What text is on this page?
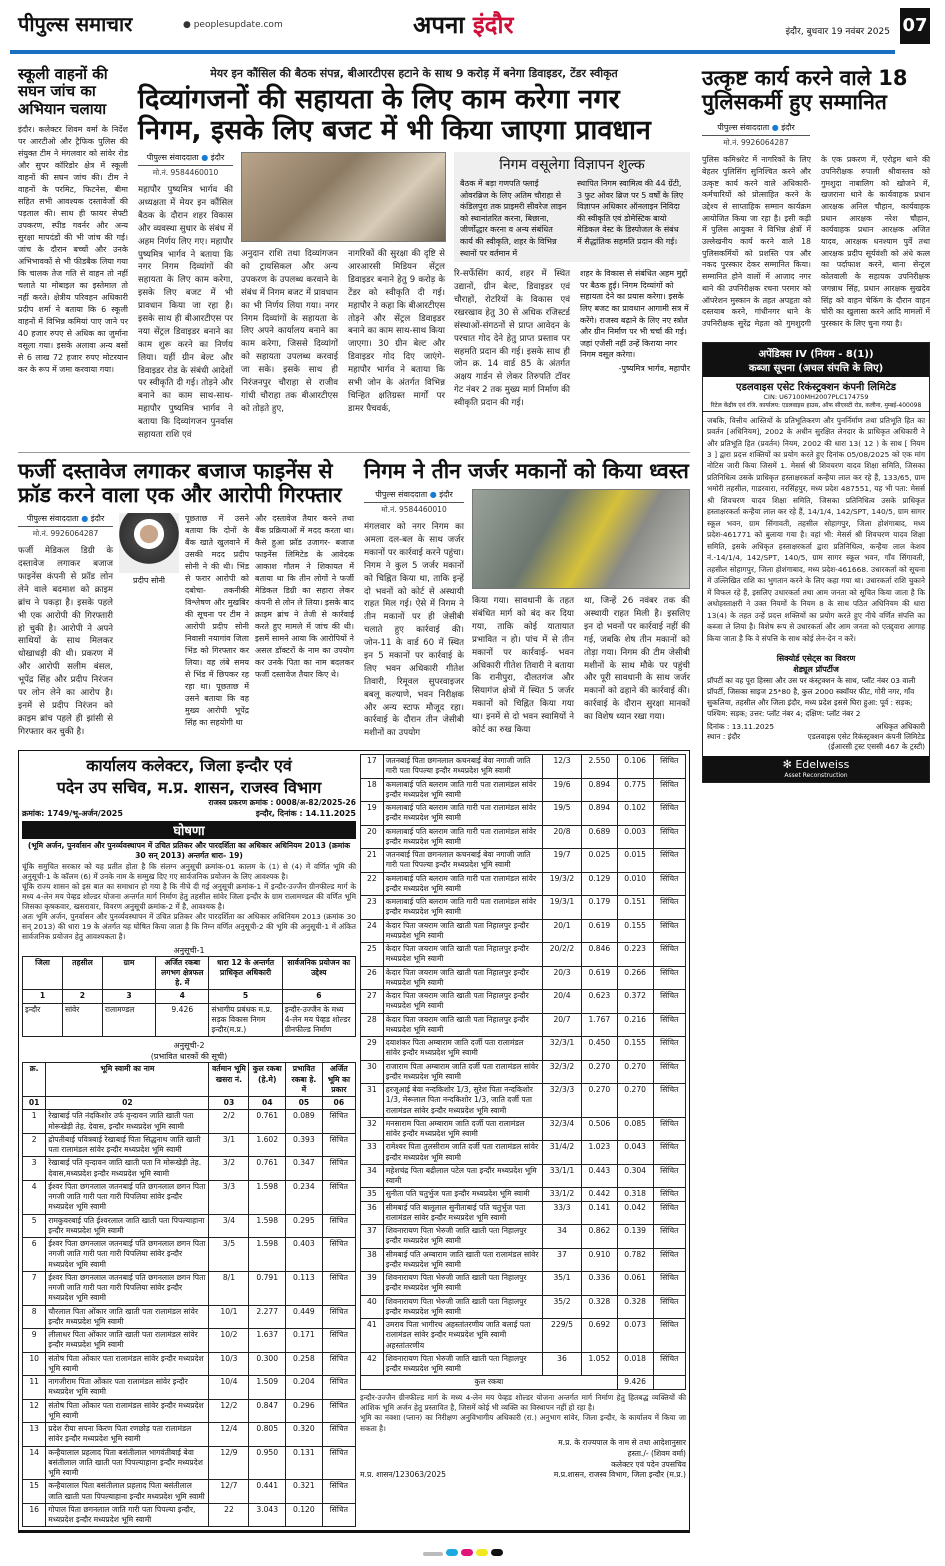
पीपुल्स समाचार	● peoplesupdate.com	अपना इंदौर	इंदौर, बुधवार 19 नवंबर 2025 07
स्कूली वाहनों की सघन जांच का अभियान चलाया
इंदौर। कलेक्टर शिवम वर्मा के निर्देश पर आरटीओ और ट्रैफिक पुलिस की संयुक्त टीम ने मंगलवार को सांवेर रोड और सुपर कॉरिडोर क्षेत्र में स्कूली वाहनों की सघन जांच की। टीम ने वाहनों के परमिट, फिटनेस, बीमा सहित सभी आवश्यक दस्तावेजों की पड़ताल की। साथ ही फायर सेफ्टी उपकरण, स्पीड गवर्नर और अन्य सुरक्षा मापदंडों की भी जांच की गई। जांच के दौरान बच्चों और उनके अभिभावकों से भी फीडबैक लिया गया कि चालक तेज गति से वाहन तो नहीं चलाते या मोबाइल का इस्तेमाल तो नहीं करते। क्षेत्रीय परिवहन अधिकारी प्रदीप शर्मा ने बताया कि 6 स्कूली वाहनों में विभिन्न कमियां पाए जाने पर 40 हजार रुपए से अधिक का जुर्माना वसूला गया। इसके अलावा अन्य बसों से 6 लाख 72 हजार रुपए मोटरयान कर के रूप में जमा करवाया गया।
मेयर इन कौंसिल की बैठक संपन्न, बीआरटीएस हटाने के साथ 9 करोड़ में बनेगा डिवाइडर, टेंडर स्वीकृत
दिव्यांगजनों की सहायता के लिए काम करेगा नगर निगम, इसके लिए बजट में भी किया जाएगा प्रावधान
पीपुल्स संवाददाता ● इंदौर
मो.नं. 9584460010
महापौर पुष्यमित्र भार्गव की अध्यक्षता में मेयर इन कौंसिल बैठक के दौरान शहर विकास और व्यवस्था सुधार के संबंध में अहम निर्णय लिए गए। महापौर पुष्यमित्र भार्गव ने बताया कि नगर निगम दिव्यांगों की सहायता के लिए काम करेगा, इसके लिए बजट में भी प्रावधान किया जा रहा है। इसके साथ ही बीआरटीएस पर नया सेंट्रल डिवाइडर बनाने का काम शुरू करने का निर्णय लिया। यहीं ग्रीन बेल्ट और डिवाइडर रोड के संबंधी आदेशों पर स्वीकृति दी गई। तोड़ने और बनाने का काम साथ-साथ- महापौर पुष्यमित्र भार्गव ने बताया कि दिव्यांगजन पुनर्वास सहायता राशि एवं
अनुदान राशि तथा दिव्यांगजन को ट्रायसिकल और अन्य उपकरण के उपलब्ध करवाने के संबंध में निगम बजट में प्रावधान का भी निर्णय लिया गया। नगर निगम दिव्यांगों के सहायता के लिए अपने कार्यालय बनाने का काम करेगा, जिससे दिव्यांगों को सहायता उपलब्ध करवाई जा सके। इसके साथ ही निरंजनपुर चौराहा से राजीव गांधी चौराहा तक बीआरटीएस को तोड़ते हुए,
नागरिकों की सुरक्षा की दृष्टि से आरआरसी मिडियन सेंट्रल डिवाइडर बनाने हेतु 9 करोड़ के टेंडर को स्वीकृति दी गई। महापौर ने कहा कि बीआरटीएस तोड़ने और सेंट्रल डिवाइडर बनाने का काम साथ-साथ किया जाएगा। 30 ग्रीन बेल्ट और डिवाइडर गोद दिए जाएंगे- महापौर भार्गव ने बताया कि सभी जोन के अंतर्गत विभिन्न चिन्हित क्षतिग्रस्त मार्गों पर डामर पैचवर्क,
निगम वसूलेगा विज्ञापन शुल्क
बैठक में बड़ा गणपति फ्लाई ओवरब्रिज के लिए अतिम चौराहा से कंडिलपुरा तक प्राइमरी सीवरेज लाइन को स्थानांतरित करना, बिछाना, जीर्णोद्धार करना व अन्य संबंधित कार्य की स्वीकृति, शहर के विभिन्न स्थानों पर वर्तमान में
स्थापित निगम स्वामित्व की 44 ग्रेंटी, 3 फुट ओवर ब्रिज पर 5 वर्षों के लिए विज्ञापन अधिकार ऑनलाइन निविदा की स्वीकृति एवं डोमेस्टिक बायो मेडिकल वेस्ट के डिस्पोजल के संबंध में सैद्धांतिक सहमति प्रदान की गई।
रि-सर्फेसिंग कार्य, शहर में स्थित उद्यानों, ग्रीन बेल्ट, डिवाइडर एवं चौराहों, रोटरियों के विकास एवं रखरखाव हेतु 30 से अधिक रजिस्टर्ड संस्थाओं-संगठनों से प्राप्त आवेदन के परचात गोद देने हेतु प्राप्त प्रस्ताव पर सहमति प्रदान की गई। इसके साथ ही जोन क्र. 14 वार्ड 85 के अंतर्गत अक्षय गार्डन से लेकर तिरुपति टॉवर गेट नंबर 2 तक मुख्य मार्ग निर्माण की स्वीकृति प्रदान की गई।
शहर के विकास से संबंधित अहम मुद्दों पर बैठक हुई। निगम दिव्यांगों को सहायता देने का प्रयास करेगा। इसके लिए बजट का प्रावधान आगामी सत्र में करेंगे। राजस्व बढ़ाने के लिए नए स्त्रोत और ग्रीन निर्माण पर भी चर्चा की गई। जहां एजेंसी नहीं उन्हें किराया नगर निगम वसूल करेगा।
-पुष्यमित्र भार्गव, महापौर
फर्जी दस्तावेज लगाकर बजाज फाइनेंस से फ्रॉड करने वाला एक और आरोपी गिरफ्तार
पीपुल्स संवाददाता ● इंदौर
मो.नं. 9926064287
फर्जी मेडिकल डिग्री के दस्तावेज लगाकर बजाज फाइनेंस कंपनी से फ्रॉड लोन लेने वाले बदमाश को क्राइम ब्रांच ने पकड़ा है। इसके पहले भी एक आरोपी की गिरफ्तारी हो चुकी है। आरोपी ने अपने साथियों के साथ मिलकर धोखाधड़ी की थी। प्रकरण में और आरोपी सलीम बंसल, भूपेंद्र सिंह और प्रदीप निरंजन पर लोन लेने का आरोप है। इनमें से प्रदीप निरंजन को क्राइम ब्रांच पहले ही झांसी से गिरफ्तार कर चुकी है।
प्रदीप सोनी
पूछताछ में उसने बताया कि दोनों के बैंक खाते खुलवाने में उसकी मदद प्रदीप सोनी ने की थी। भिंड से फरार आरोपी को दबोचा- तकनीकी विश्लेषण और मुखबिर की सूचना पर टीम ने आरोपी प्रदीप सोनी निवासी नयागांव जिला भिंड को गिरफ्तार कर लिया। वह लंबे समय से भिंड में छिपकर रह रहा था। पूछताछ में उसने बताया कि वह मुख्य आरोपी भूपेंद्र सिंह का सहयोगी था
और दस्तावेज तैयार करने तथा बैंक प्रक्रियाओं में मदद करता था। कैसे हुआ फ्रॉड उजागर- बजाज फाइनेंस लिमिटेड के आवेदक आकाश गौतम ने शिकायत में बताया था कि तीन लोगों ने फर्जी मेडिकल डिग्री का सहारा लेकर कंपनी से लोन ले लिया। इसके बाद क्राइम ब्रांच ने तेजी से कार्रवाई करते हुए मामले में जांच की थी। इसमें सामने आया कि आरोपियों ने असल डॉक्टरों के नाम का उपयोग कर उनके पिता का नाम बदलकर फर्जी दस्तावेज तैयार किए थे।
निगम ने तीन जर्जर मकानों को किया ध्वस्त
पीपुल्स संवाददाता ● इंदौर
मो.नं. 9584460010
मंगलवार को नगर निगम का अमला दल-बल के साथ जर्जर मकानों पर कार्रवाई करने पहुंचा। निगम ने कुल 5 जर्जर मकानों को चिह्नित किया था, ताकि इन्हें दो भवनों को कोर्ट से अस्थायी राहत मिल गई। ऐसे में निगम ने तीन मकानों पर ही जेसीबी चलाते हुए कार्रवाई की। जोन-11 के वार्ड 60 में स्थित इन 5 मकानों पर कार्रवाई के लिए भवन अधिकारी गीतेश तिवारी, रिमूवल सुपरवाइजर बबलू कल्याणे, भवन निरीक्षक और अन्य स्टाफ मौजूद रहा। कार्रवाई के दौरान तीन जेसीबी मशीनों का उपयोग
किया गया। सावधानी के तहत संबंधित मार्ग को बंद कर दिया गया, ताकि कोई यातायात प्रभावित न हो। पांच में से तीन मकानों पर कार्रवाई- भवन अधिकारी गीतेश तिवारी ने बताया कि रानीपुरा, दौलतगंज और सियागंज क्षेत्रों में स्थित 5 जर्जर मकानों को चिह्नित किया गया था। इनमें से दो भवन स्वामियों ने कोर्ट का रुख किया
था, जिन्हें 26 नवंबर तक की अस्थायी राहत मिली है। इसलिए इन दो भवनों पर कार्रवाई नहीं की गई, जबकि शेष तीन मकानों को तोड़ा गया। निगम की टीम जेसीबी मशीनों के साथ मौके पर पहुंची और पूरी सावधानी के साथ जर्जर मकानों को ढहाने की कार्रवाई की। कार्रवाई के दौरान सुरक्षा मानकों का विशेष ध्यान रखा गया।
कार्यालय कलेक्टर, जिला इन्दौर एवं
पदेन उप सचिव, म.प्र. शासन, राजस्व विभाग
राजस्व प्रकरण क्रमांक : 0008/अ-82/2025-26
क्रमांक: 1749/भू-अर्जन/2025	इन्दौर, दिनांक : 14.11.2025
घोषणा
(भूमि अर्जन, पुनर्वासन और पुनर्व्यवस्थापन में उचित प्रतिकर और पारदर्शिता का अधिकार अधिनियम 2013 (क्रमांक 30 सन् 2013) अन्तर्गत धारा- 19)
चूंकि समुचित सरकार को यह प्रतीत होता है कि संलग्न अनुसूची क्रमांक-01 कालम के (1) से (4) में वर्णित भूमि की अनुसूची-1 के कॉलम (6) में उनके नाम के सम्मुख दिए गए सार्वजनिक प्रयोजन के लिए आवश्यक है।
चूंकि राज्य शासन को इस बात का समाधान हो गया है कि नीचे दी गई अनुसूची क्रमांक-1 में इन्दौर-उज्जैन ग्रीनफील्ड मार्ग के मध्य 4-लेन मय पेव्हड शोल्डर योजना अन्तर्गत मार्ग निर्माण हेतु तहसील सांवेर जिला इन्दौर के ग्राम रालामण्डल की वर्णित भूमि जिसका कृषकवार, खसरावार, विवरण अनुसूची क्रमांक-2 में है, आवश्यक है।
अतः भूमि अर्जन, पुनर्वासन और पुनर्व्यवस्थापन में उचित प्रतिकर और पारदर्शिता का अधिकार अधिनियम 2013 (क्रमांक 30 सन् 2013) की धारा 19 के अंतर्गत यह घोषित किया जाता है कि निम्न वर्णित अनुसूची-2 की भूमि की अनुसूची-1 में अंकित सार्वजनिक प्रयोजन हेतु आवश्यकता है।
अनुसूची-1
जिला	तहसील	ग्राम	अर्जित रकबा लगभग क्षेत्रफल हे. में	धारा 12 के अन्तर्गत प्राधिकृत अधिकारी	सार्वजनिक प्रयोजन का उद्देश्य
1	2	3	4	5	6
इन्दौर	सांवेर	रालामण्डल	9.426	संभागीय प्रबंधक म.प्र. सड़क विकास निगम इन्दौर(म.प्र.)	इन्दौर-उज्जैन के मध्य 4-लेन मय पेव्हड शोल्डर ग्रीनफील्ड निर्माण
अनुसूची-2
(प्रभावित धारकों की सूची)
क्र.	भूमि स्वामी का नाम	वर्तमान भूमि खसरा नं.	कुल रकबा (हे.मे)	प्रभावित रकबा हे. में	अर्जित भूमि का प्रकार
01	02	03	04	05	06
1	रेखाबाई पति नंदकिशोर उर्फ वृन्दावन जाति खाती पता मोरूखेड़ी तेह. देवास, इन्दौर मध्यप्रदेश भूमि स्वामी	2/2	0.761	0.089	सिंचित
2	द्रोपतीबाई पवित्रबाई रेखाबाई पिता सिद्धनाथ जाति खाती पता रालामंडल सांवेर इन्दौर मध्यप्रदेश भूमि स्वामी	3/1	1.602	0.393	सिंचित
3	रेखाबाई पति वृन्दावन जाति खाती पता नि मोरूखेड़ी तेह. देवास,मध्यप्रदेश इन्दौर मध्यप्रदेश भूमि स्वामी	3/2	0.761	0.347	सिंचित
4	ईश्वर पिता छगनलाल जतनबाई पति छगनलाल छगन पिता नगजी जाति गारी पता गारी पिपलिया सांवेर इन्दौर मध्यप्रदेश भूमि स्वामी	3/3	1.598	0.234	सिंचित
5	रामकुवरबाई पति ईश्वरलाल जाति खाती पता पिपल्याहाना इन्दौर मध्यप्रदेश भूमि स्वामी	3/4	1.598	0.295	सिंचित
6	ईश्वर पिता छगनलाल जतनबाई पति छगनलाल छगन पिता नगजी जाति गारी पता गारी पिपलिया सांवेर इन्दौर मध्यप्रदेश भूमि स्वामी	3/5	1.598	0.403	सिंचित
7	ईश्वर पिता छगनलाल जतनबाई पति छगनलाल छगन पिता नगजी जाति गारी पता गारी पिपलिया सांवेर इन्दौर मध्यप्रदेश भूमि स्वामी	8/1	0.791	0.113	सिंचित
8	चौरलाल पिता ओंकार जाति खाती पता रालामंडल सांवेर इन्दौर मध्यप्रदेश भूमि स्वामी	10/1	2.277	0.449	सिंचित
9	लीलाधर पिता ओंकार जाति खाती पता रालामंडल सांवेर इन्दौर मध्यप्रदेश भूमि स्वामी	10/2	1.637	0.171	सिंचित
10	संतोष पिता ओंकार पता रालामंडल सांवेर इन्दौर मध्यप्रदेश भूमि स्वामी	10/3	0.300	0.258	सिंचित
11	नागजीराम पिता ओंकार पता रालामंडल सांवेर इन्दौर मध्यप्रदेश भूमि स्वामी	10/4	1.509	0.204	सिंचित
12	संतोष पिता ओंकार पता रालामंडल सांवेर इन्दौर मध्यप्रदेश भूमि स्वामी	12/2	0.847	0.296	सिंचित
13	प्रदेश रीया सपना किरण पिता रणछोड़ पता रालामंडल सांवेर इन्दौर मध्यप्रदेश भूमि स्वामी	12/4	0.805	0.320	सिंचित
14	कन्हैयालाल प्रहलाद पिता बसंतीलाल भागवंतीबाई बेवा बसंतीलाल जाति खाती पता पिपल्याहाना इन्दौर मध्यप्रदेश भूमि स्वामी	12/9	0.950	0.131	सिंचित
15	कन्हैयालाल पिता बसंतीलाल प्रहलाद पिता बसंतीलाल जाति खाती पता पिपल्याहाना इन्दौर मध्यप्रदेश भूमि स्वामी	12/7	0.441	0.321	सिंचित
16	गोपाल पिता छगनलाल जाति गारी पता पिपल्या इन्दौर, मध्यप्रदेश इन्दौर मध्यप्रदेश भूमि स्वामी	22	3.043	0.120	सिंचित
17	जतनबाई पिता छगनलाल कचनबाई बेवा नगाजी जाति गारी पता पिपल्या इन्दौर मध्यप्रदेश भूमि स्वामी	12/3	2.550	0.106	सिंचित
18	कमलाबाई पति बलराम जाति गारी पता रालामंडल सांवेर इन्दौर मध्यप्रदेश भूमि स्वामी	19/6	0.894	0.775	सिंचित
19	कमलाबाई पति बलराम जाति गारी पता रालामंडल सांवेर इन्दौर मध्यप्रदेश भूमि स्वामी	19/5	0.894	0.102	सिंचित
20	कमलाबाई पति बलराम जाति गारी पता रालामंडल सांवेर इन्दौर मध्यप्रदेश भूमि स्वामी	20/8	0.689	0.003	सिंचित
21	जतनबाई पिता छगनलाल कचनबाई बेवा नगाजी जाति गारी पता पिपल्या इन्दौर मध्यप्रदेश भूमि स्वामी	19/7	0.025	0.015	सिंचित
22	कमलाबाई पति बलराम जाति गारी पता रालामंडल सांवेर इन्दौर मध्यप्रदेश भूमि स्वामी	19/3/2	0.129	0.010	सिंचित
23	कमलाबाई पति बलराम जाति गारी पता रालामंडल सांवेर इन्दौर मध्यप्रदेश भूमि स्वामी	19/3/1	0.179	0.151	सिंचित
24	केदार पिता जयराम जाति खाती पता निहालपुर इन्दौर मध्यप्रदेश भूमि स्वामी	20/1	0.619	0.155	सिंचित
25	केदार पिता जयराम जाति खाती पता निहालपुर इन्दौर मध्यप्रदेश भूमि स्वामी	20/2/2	0.846	0.223	सिंचित
26	केदार पिता जयराम जाति खाती पता निहालपुर इन्दौर मध्यप्रदेश भूमि स्वामी	20/3	0.619	0.266	सिंचित
27	केदार पिता जयराम जाति खाती पता निहालपुर इन्दौर मध्यप्रदेश भूमि स्वामी	20/4	0.623	0.372	सिंचित
28	केदार पिता जयराम जाति खाती पता निहालपुर इन्दौर मध्यप्रदेश भूमि स्वामी	20/7	1.767	0.216	सिंचित
29	दयाशंकर पिता अम्बाराम जाति दर्जी पता रालामंडल सांवेर इन्दौर मध्यप्रदेश भूमि स्वामी	32/3/1	0.450	0.155	सिंचित
30	राजाराम पिता अम्बाराम जाति दर्जी पता रालामंडल सांवेर इन्दौर मध्यप्रदेश भूमि स्वामी	32/3/2	0.270	0.270	सिंचित
31	हरजूआई बेवा नन्दकिशोर 1/3, सुरेश पिता नन्दकिशोर 1/3, मेरूलाल पिता नन्दकिशोर 1/3, जाति दर्जी पता रालामंडल सांवेर इन्दौर मध्यप्रदेश भूमि स्वामी	32/3/3	0.270	0.270	सिंचित
32	मनसाराम पिता अम्बाराम जाति दर्जी पता रालामंडल सांवेर इन्दौर मध्यप्रदेश भूमि स्वामी	32/3/4	0.506	0.085	सिंचित
33	रामेश्वर पिता तुलसीराम जाति दर्जी पता रालामंडल सांवेर इन्दौर मध्यप्रदेश भूमि स्वामी	31/4/2	1.023	0.043	सिंचित
34	महेशचंद्र पिता बद्रीलाल पटेल पता इन्दौर मध्यप्रदेश भूमि स्वामी	33/1/1	0.443	0.304	सिंचित
35	सुनीता पति चतुर्भुज पता इन्दौर मध्यप्रदेश भूमि स्वामी	33/1/2	0.442	0.318	सिंचित
36	सीमबाई पति बालूलाल सुनीताबाई पति चतुर्भुज पता रालामंडल सांवेर इन्दौर मध्यप्रदेश भूमि स्वामी	33/3	0.141	0.042	सिंचित
37	शिवनारायण पिता भेरुजी जाति खाती पता निहालपुर इन्दौर मध्यप्रदेश भूमि स्वामी	34	0.862	0.139	सिंचित
38	सीमबाई पति अम्बाराम जाति खाती पता रालामंडल सांवेर इन्दौर मध्यप्रदेश भूमि स्वामी	37	0.910	0.782	सिंचित
39	शिवनारायण पिता भेरुजी जाति खाती पता निहालपुर इन्दौर मध्यप्रदेश भूमि स्वामी	35/1	0.336	0.061	सिंचित
40	शिवनारायण पिता भेरुजी जाति खाती पता निहालपुर इन्दौर मध्यप्रदेश भूमि स्वामी	35/2	0.328	0.328	सिंचित
41	उमराव पिता भागीरथ अहस्तांतरणीय जाति बलाई पता रालामंडल सांवेर इन्दौर मध्यप्रदेश भूमि स्वामी अहस्तांतरणीय	229/5	0.692	0.073	सिंचित
42	शिवनारायण पिता भेरुजी जाति खाती पता निहालपुर इन्दौर मध्यप्रदेश भूमि स्वामी	36	1.052	0.018	सिंचित
कुल रकबा				9.426	
इन्दौर-उज्जैन ग्रीनफील्ड मार्ग के मध्य 4-लेन मय पेव्हड शोल्डर योजना अन्तर्गत मार्ग निर्माण हेतु हितबद्ध व्यक्तियों की आंशिक भूमि अर्जन हेतु प्रस्तावित है, जिसमें कोई भी व्यक्ति का विस्थापन नहीं हो रहा है।
भूमि का नक्शा (प्लान) का निरीक्षण अनुविभागीय अधिकारी (रा.) अनुभाग सांवेर, जिला इन्दौर, के कार्यालय में किया जा सकता है।
म.प्र. के राज्यपाल के नाम से तथा आदेशानुसार
हस्ता./- (शिवम वर्मा)
कलेक्टर एवं पदेन उपसचिव
म.प्र. शासन/123063/2025	म.प्र.शासन, राजस्व विभाग, जिला इन्दौर (म.प्र.)
उत्कृष्ट कार्य करने वाले 18 पुलिसकर्मी हुए सम्मानित
पीपुल्स संवाददाता ● इंदौर
मो.नं. 9926064287
पुलिस कमिश्नरेट में नागरिकों के लिए बेहतर पुलिसिंग सुनिश्चित करने और उत्कृष्ट कार्य करने वाले अधिकारी-कर्मचारियों को प्रोत्साहित करने के उद्देश्य से साप्ताहिक सम्मान कार्यक्रम आयोजित किया जा रहा है। इसी कड़ी में पुलिस आयुक्त ने विभिन्न क्षेत्रों में उल्लेखनीय कार्य करने वाले 18 पुलिसकर्मियों को प्रशस्ति पत्र और नकद पुरस्कार देकर सम्मानित किया। सम्मानित होने वालों में आजाद नगर थाने की उपनिरीक्षक रचना परमार को ऑपरेशन मुस्कान के तहत अपहृता को दस्तयाब करने, गांधीनगर थाने के उपनिरीक्षक सुरेंद्र मेहता को गुमशुदगी के एक प्रकरण में, एरोड्रम थाने की उपनिरीक्षक रुपाली श्रीवास्तव को गुमशुदा नाबालिग को खोजने में, खजराना थाने के कार्यवाहक प्रधान आरक्षक अनिल चौहान, कार्यवाहक प्रधान आरक्षक नरेश चौहान, कार्यवाहक प्रधान आरक्षक अजित यादव, आरक्षक धनश्याम पुर्वे तथा आरक्षक प्रदीप सूर्यवंशी को अंधे कत्ल का पर्दाफाश करने, थाना सेन्ट्रल कोतवाली के सहायक उपनिरीक्षक जगन्नाथ सिंह, प्रधान आरक्षक सुखदेव सिंह को वाहन चेकिंग के दौरान वाहन चोरी का खुलासा करने आदि मामलों में पुरस्कार के लिए चुना गया है।
अपेंडिक्स IV (नियम - 8(1))
कब्जा सूचना (अचल संपत्ति के लिए)
एडलवाइस एसेट रिकंस्ट्रक्शन कंपनी लिमिटेड
CIN: U67100MH2007PLC174759
रिटेल केंद्रीय एवं रजि. कार्यालय: एडलवाइस हाउस, ऑफ सीएसटी रोड, कलीना, मुम्बई-400098
जबकि, वित्तीय आस्तियों के प्रतिभूतिकरण और पुनर्निर्माण तथा प्रतिभूति हित का प्रवर्तन [अधिनियम], 2002 के अधीन सुरक्षित लेनदार के प्राधिकृत अधिकारी ने और प्रतिभूति हित (प्रवर्तन) नियम, 2002 की धारा 13( 12 ) के साथ [ नियम 3 ] द्वारा प्रदत्त शक्तियों का प्रयोग करते हुए दिनांक 05/08/2025 को एक मांग नोटिस जारी किया जिसमें 1. मेसर्स श्री शिवचरण यादव शिक्षा समिति, जिसका प्रतिनिधित्व उसके प्राधिकृत हस्ताक्षरकर्ता कन्हैया लाल कर रहे हैं, 133/65, ग्राम भमोरी तहसील, गाडरवारा, नरसिंहपुर, मध्य प्रदेश 487551, यह भी पता: मेसर्स श्री शिवचरण यादव शिक्षा समिति, जिसका प्रतिनिधित्व उसके प्राधिकृत हस्ताक्षरकर्ता कन्हैया लाल कर रहे हैं, 14/1/4, 142/SPT, 140/5, ग्राम सागर स्कूल भवन, ग्राम सिंगावती, तहसील सोहागपुर, जिला होशंगाबाद, मध्य प्रदेश-461771 को बुलाया गया है। वहां भी: मेसर्स श्री शिवचरण यादव शिक्षा समिति, इसके अधिकृत हस्ताक्षरकर्ता द्वारा प्रतिनिधित्व, कन्हैया लाल केशव नं.-14/1/4, 142/SPT, 140/5, ग्राम सागर स्कूल भवन, गाँव सिंगावती, तहसील सोहागपुर, जिला होशंगाबाद, मध्य प्रदेश-461668. उधारकर्ता को सूचना में उल्लिखित राशि का भुगतान करने के लिए कहा गया था। उधारकर्ता राशि चुकाने में विफल रहे हैं, इसलिए उधारकर्ता तथा आम जनता को सूचित किया जाता है कि अधोहस्ताक्षरी ने उक्त नियमों के नियम 8 के साथ पठित अधिनियम की धारा 13(4) के तहत उन्हें प्रदत्त शक्तियों का प्रयोग करते हुए नीचे वर्णित संपत्ति का कब्जा ले लिया है। विशेष रूप से उधारकर्ता और आम जनता को एतद्द्वारा आगाह किया जाता है कि वे संपत्ति के साथ कोई लेन-देन न करें।
सिक्योर्ड एसेट्स का विवरण
शेड्यूल प्रॉपर्टीज
प्रॉपर्टी का वह पूरा हिस्सा और उस पर कंस्ट्रक्शन के साथ, प्लॉट नंबर 03 वाली प्रॉपर्टी, जिसका साइज 25*80 है, कुल 2000 स्क्वॉयर फीट, गोरी नगर, गाँव सुकलिया, तहसील और जिला इंदौर, मध्य प्रदेश इससे घिरा हुआ: पूर्व : सड़क; पश्चिम: सड़क; उत्तर: प्लॉट नंबर 4; दक्षिण: प्लॉट नंबर 2
दिनांक : 13.11.2025
स्थान : इंदौर
अधिकृत अधिकारी
एडलवाइस एसेट रिकंस्ट्रक्शन कंपनी लिमिटेड
(ईआरसी ट्रस्ट एससी 467 के ट्रस्टी)
✻ Edelweiss
Asset Reconstruction
